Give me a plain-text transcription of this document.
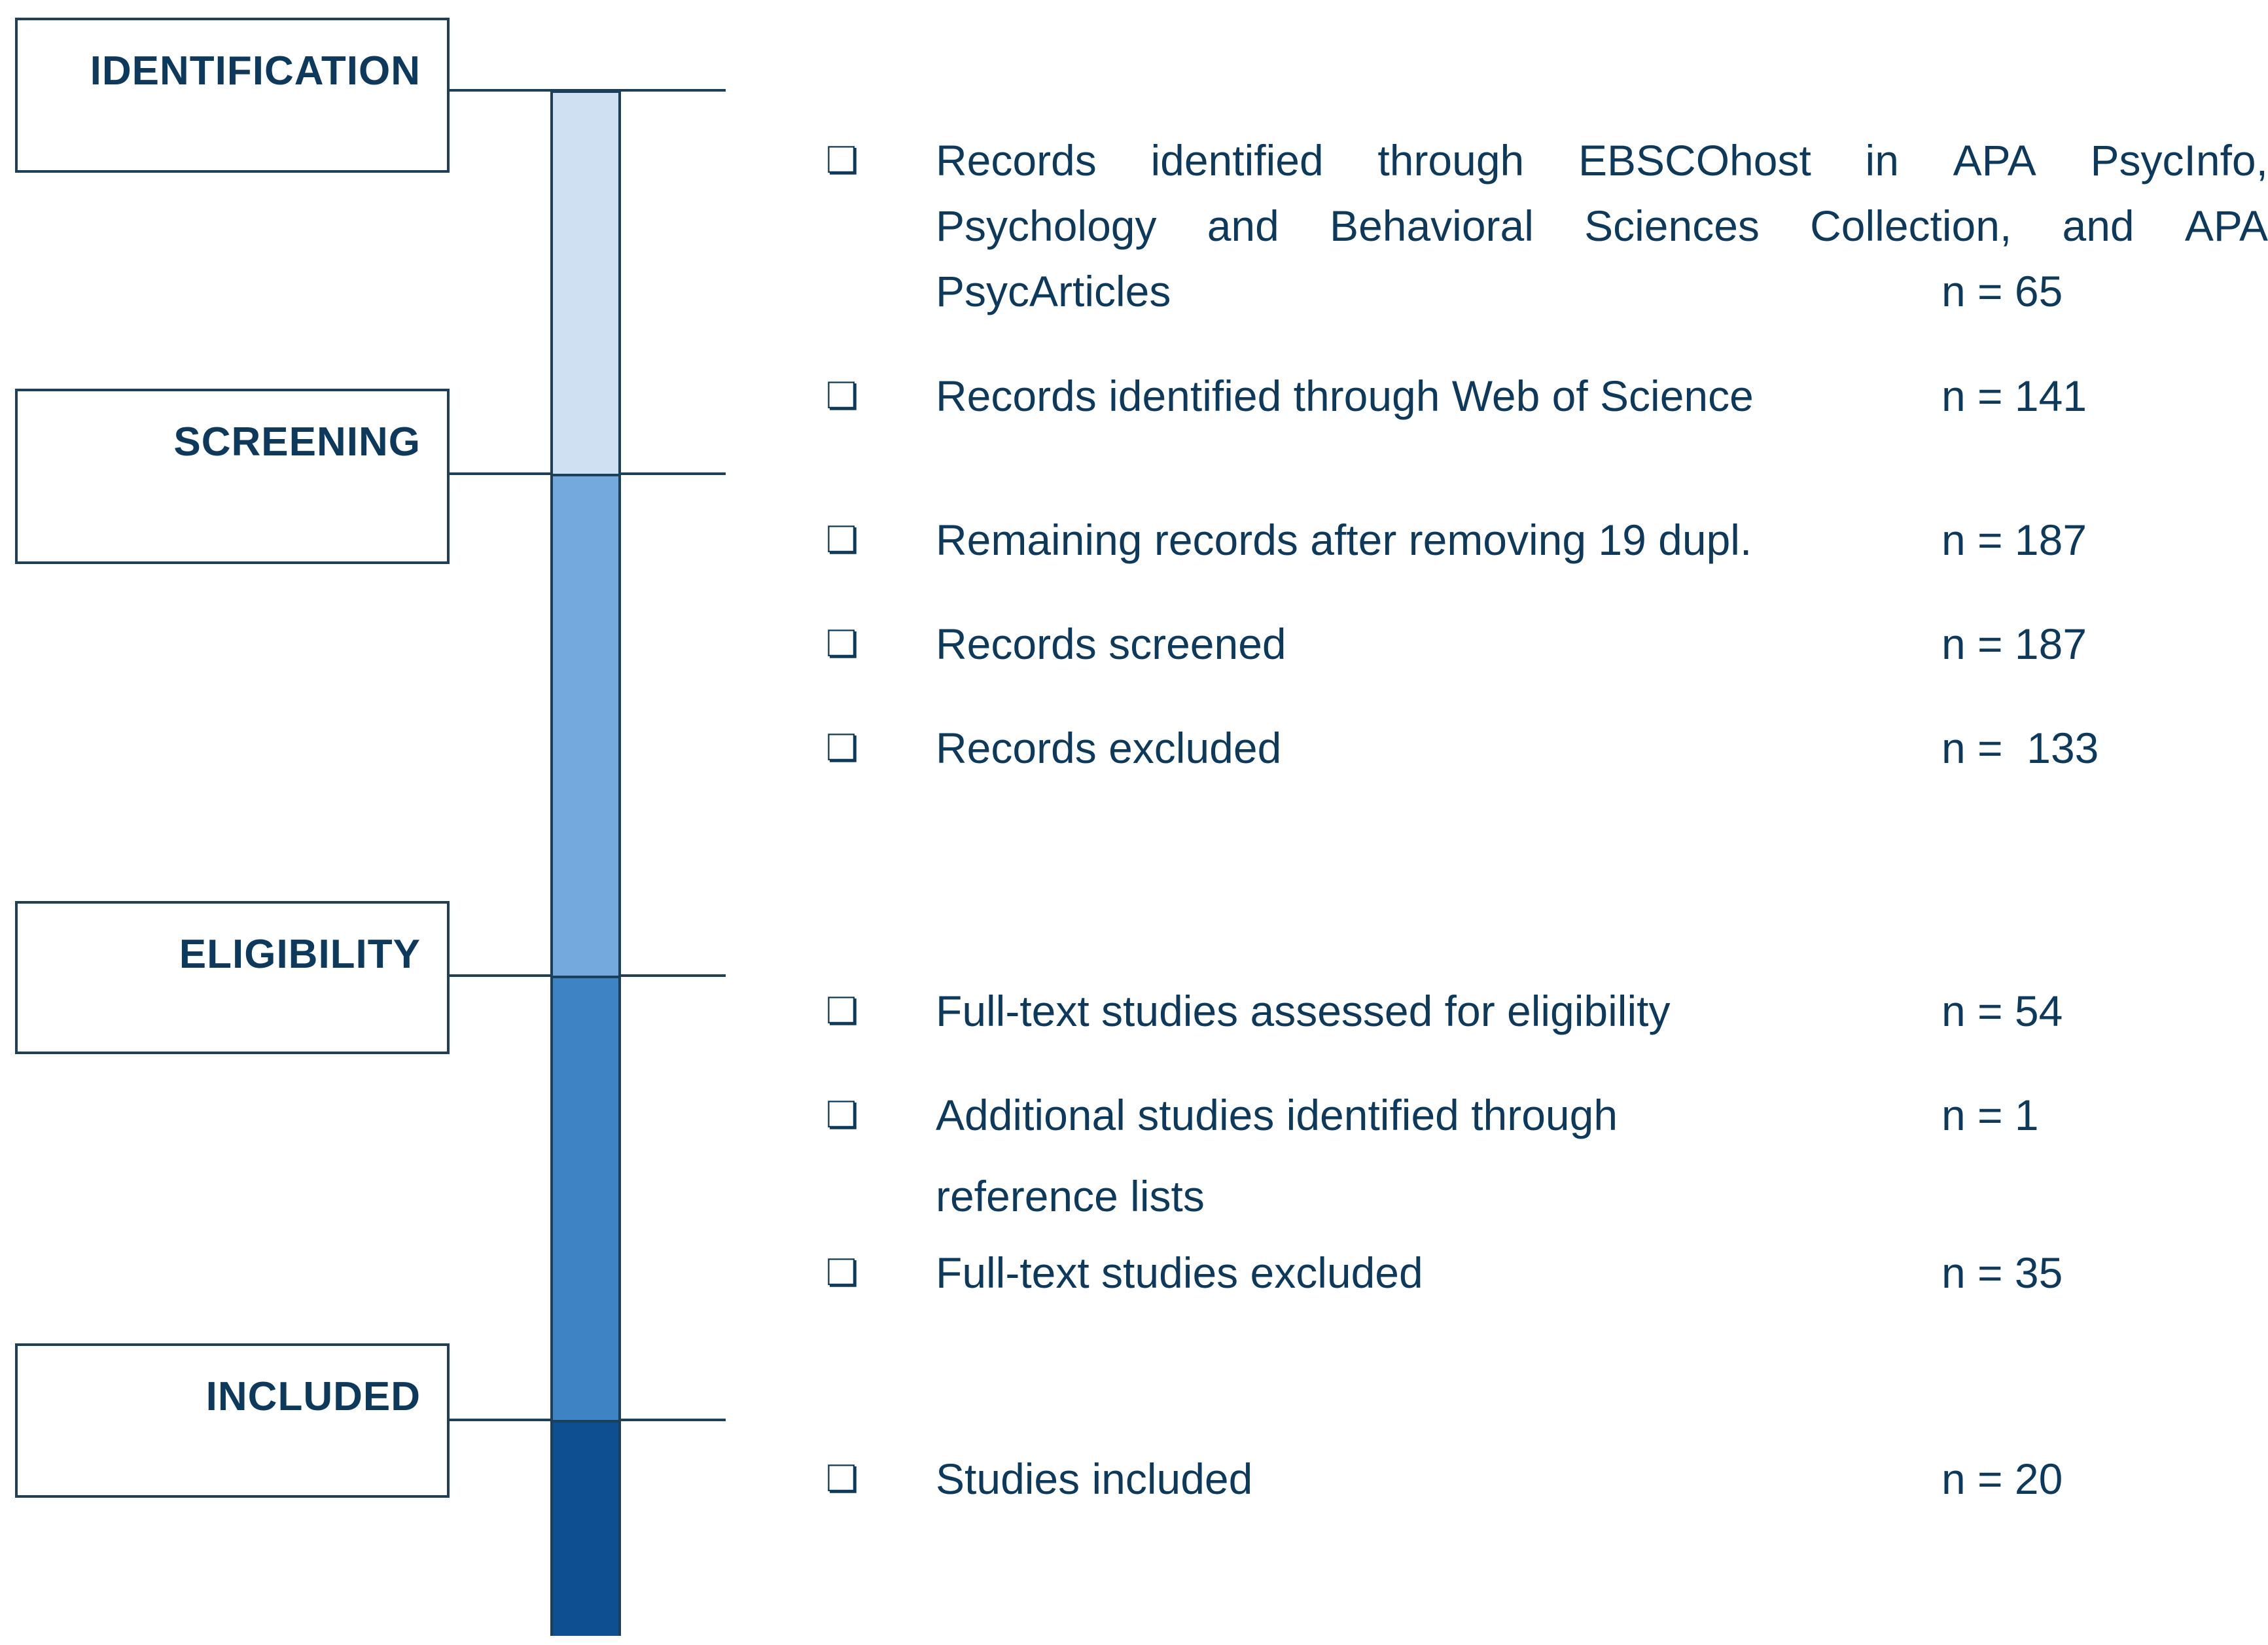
IDENTIFICATION
SCREENING
ELIGIBILITY
INCLUDED
❏ Records identified through EBSCOhost in APA PsycInfo,
Psychology and Behavioral Sciences Collection, and APA
PsycArticles	n = 65
❏ Records identified through Web of Science	n = 141
❏ Remaining records after removing 19 dupl.	n = 187
❏ Records screened	n = 187
❏ Records excluded	n =  133
❏ Full-text studies assessed for eligibility	n = 54
❏ Additional studies identified through
reference lists
n = 1
❏ Full-text studies excluded	n = 35
❏ Studies included	n = 20
